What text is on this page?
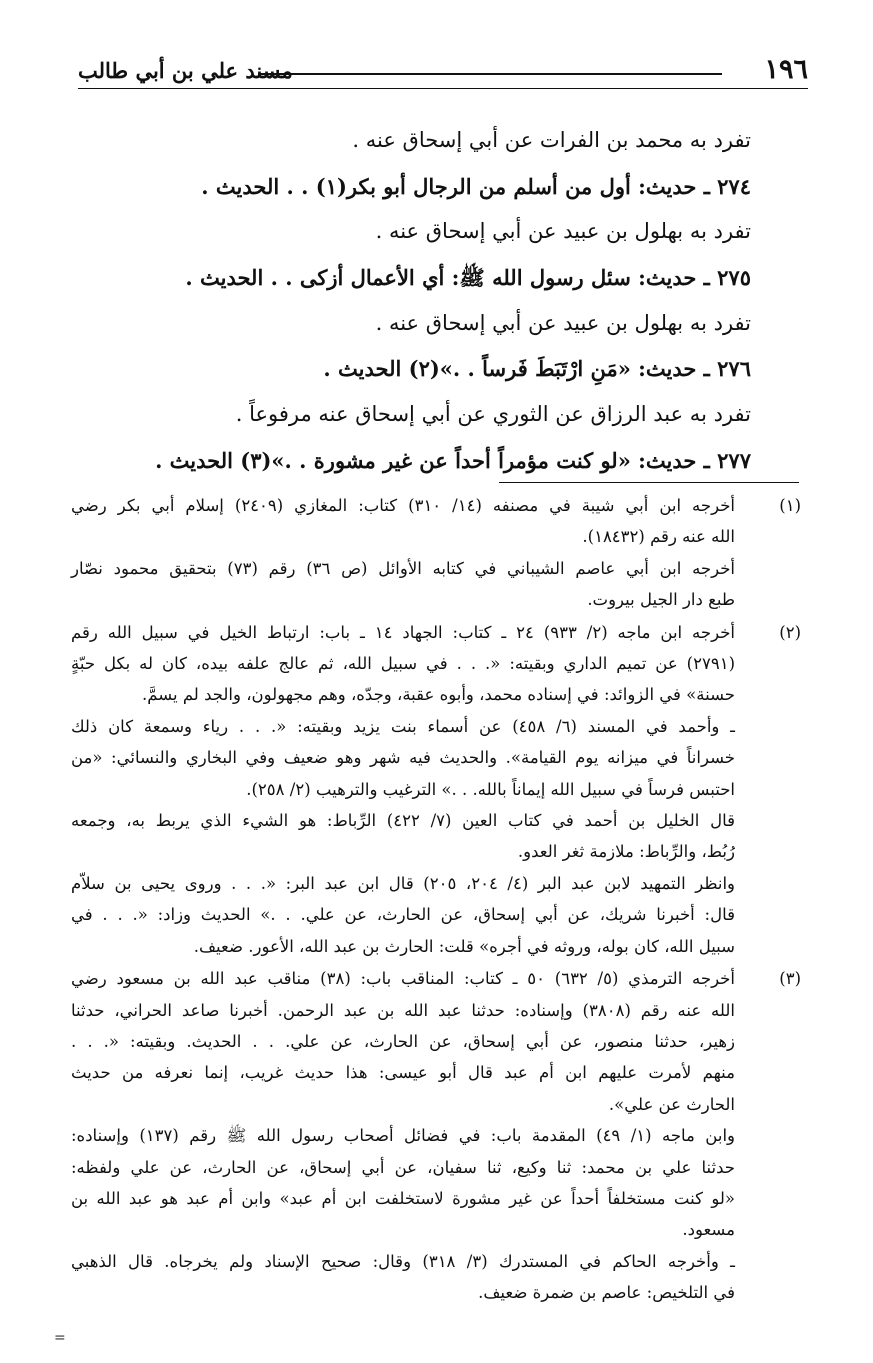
١٩٦
مسند علي بن أبي طالب
تفرد به محمد بن الفرات عن أبي إسحاق عنه .
٢٧٤ ـ حديث: أول من أسلم من الرجال أبو بكر(١) . . الحديث .
تفرد به بهلول بن عبيد عن أبي إسحاق عنه .
٢٧٥ ـ حديث: سئل رسول الله ﷺ: أي الأعمال أزكى . . الحديث .
تفرد به بهلول بن عبيد عن أبي إسحاق عنه .
٢٧٦ ـ حديث: «مَنِ ارْتَبَطَ فَرساً . .»(٢) الحديث .
تفرد به عبد الرزاق عن الثوري عن أبي إسحاق عنه مرفوعاً .
٢٧٧ ـ حديث: «لو كنت مؤمراً أحداً عن غير مشورة . .»(٣) الحديث .
(١)
أخرجه ابن أبي شيبة في مصنفه (١٤/ ٣١٠) كتاب: المغازي (٢٤٠٩) إسلام أبي بكر رضي
الله عنه رقم (١٨٤٣٢).
أخرجه ابن أبي عاصم الشيباني في كتابه الأوائل (ص ٣٦) رقم (٧٣) بتحقيق محمود نصّار
طبع دار الجيل بيروت.
(٢)
أخرجه ابن ماجه (٢/ ٩٣٣) ٢٤ ـ كتاب: الجهاد ١٤ ـ باب: ارتباط الخيل في سبيل الله رقم
(٢٧٩١) عن تميم الداري وبقيته: «. . . في سبيل الله، ثم عالج علفه بيده، كان له بكل حبّةٍ
حسنة» في الزوائد: في إسناده محمد، وأبوه عقبة، وجدّه، وهم مجهولون، والجد لم يسمَّ.
ـ وأحمد في المسند (٦/ ٤٥٨) عن أسماء بنت يزيد وبقيته: «. . . رياء وسمعة كان ذلك
خسراناً في ميزانه يوم القيامة». والحديث فيه شهر وهو ضعيف وفي البخاري والنسائي: «من
احتبس فرساً في سبيل الله إيماناً بالله. . .» الترغيب والترهيب (٢/ ٢٥٨).
قال الخليل بن أحمد في كتاب العين (٧/ ٤٢٢) الرِّباط: هو الشيء الذي يربط به، وجمعه
رُبُط، والرِّباط: ملازمة ثغر العدو.
وانظر التمهيد لابن عبد البر (٤/ ٢٠٤، ٢٠٥) قال ابن عبد البر: «. . . وروى يحيى بن سلاّم
قال: أخبرنا شريك، عن أبي إسحاق، عن الحارث، عن علي. . .» الحديث وزاد: «. . . في
سبيل الله، كان بوله، وروثه في أجره» قلت: الحارث بن عبد الله، الأعور. ضعيف.
(٣)
أخرجه الترمذي (٥/ ٦٣٢) ٥٠ ـ كتاب: المناقب باب: (٣٨) مناقب عبد الله بن مسعود رضي
الله عنه رقم (٣٨٠٨) وإسناده: حدثنا عبد الله بن عبد الرحمن. أخبرنا صاعد الحراني، حدثنا
زهير، حدثنا منصور، عن أبي إسحاق، عن الحارث، عن علي. . . الحديث. وبقيته: «. . .
منهم لأمرت عليهم ابن أم عبد قال أبو عيسى: هذا حديث غريب، إنما نعرفه من حديث
الحارث عن علي».
وابن ماجه (١/ ٤٩) المقدمة باب: في فضائل أصحاب رسول الله ﷺ رقم (١٣٧) وإسناده:
حدثنا علي بن محمد: ثنا وكيع، ثنا سفيان، عن أبي إسحاق، عن الحارث، عن علي ولفظه:
«لو كنت مستخلفاً أحداً عن غير مشورة لاستخلفت ابن أم عبد» وابن أم عبد هو عبد الله بن
مسعود.
ـ وأخرجه الحاكم في المستدرك (٣/ ٣١٨) وقال: صحيح الإسناد ولم يخرجاه. قال الذهبي
في التلخيص: عاصم بن ضمرة ضعيف.
=
